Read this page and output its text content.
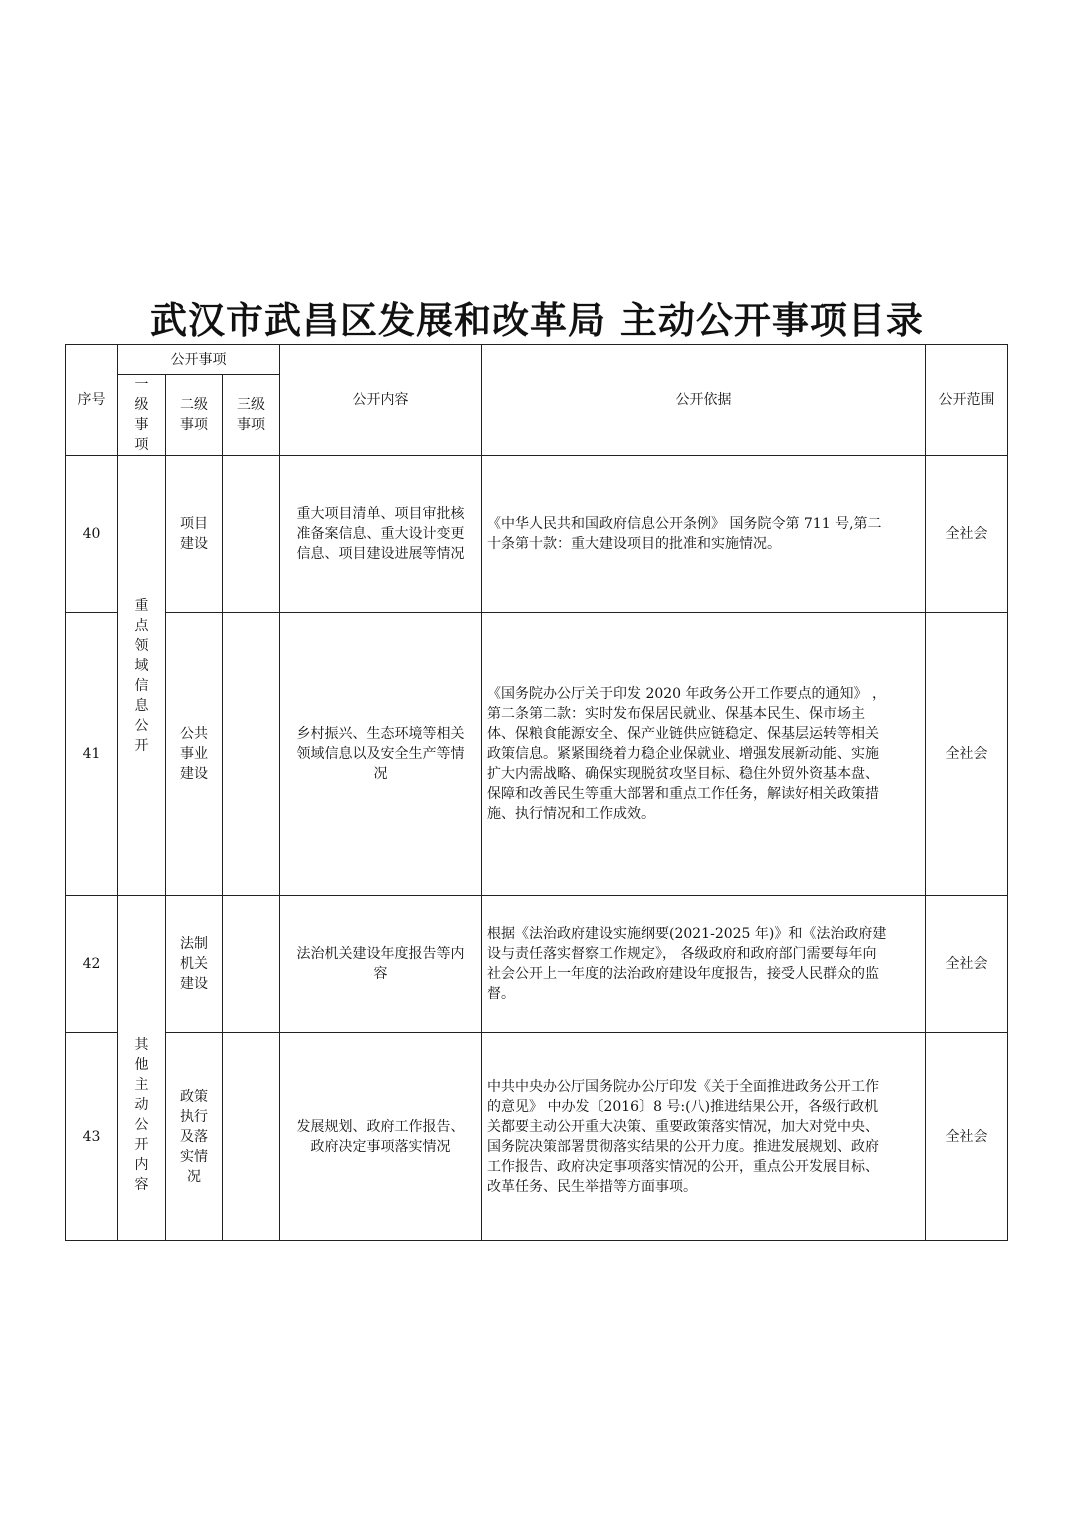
武汉市武昌区发展和改革局 主动公开事项目录
序号	公开事项			公开内容	公开依据	公开范围
	一级事项	二级事项	三级事项			
40	重点领域信息公开	项目建设		重大项目清单、项目审批核准备案信息、重大设计变更信息、项目建设进展等情况	《中华人民共和国政府信息公开条例》 国务院令第 711 号,第二十条第十款：重大建设项目的批准和实施情况。	全社会
41		公共事业建设		乡村振兴、生态环境等相关领域信息以及安全生产等情况	《国务院办公厅关于印发 2020 年政务公开工作要点的通知》 ，第二条第二款：实时发布保居民就业、保基本民生、保市场主体、保粮食能源安全、保产业链供应链稳定、保基层运转等相关政策信息。紧紧围绕着力稳企业保就业、增强发展新动能、实施扩大内需战略、确保实现脱贫攻坚目标、稳住外贸外资基本盘、保障和改善民生等重大部署和重点工作任务，解读好相关政策措施、执行情况和工作成效。	全社会
42	其他主动公开内容	法制机关建设		法治机关建设年度报告等内容	根据《法治政府建设实施纲要(2021-2025 年)》和《法治政府建设与责任落实督察工作规定》， 各级政府和政府部门需要每年向社会公开上一年度的法治政府建设年度报告，接受人民群众的监督。	全社会
43		政策执行及落实情况		发展规划、政府工作报告、政府决定事项落实情况	中共中央办公厅国务院办公厅印发《关于全面推进政务公开工作的意见》 中办发〔2016〕8 号:(八)推进结果公开，各级行政机关都要主动公开重大决策、重要政策落实情况，加大对党中央、国务院决策部署贯彻落实结果的公开力度。推进发展规划、政府工作报告、政府决定事项落实情况的公开，重点公开发展目标、改革任务、民生举措等方面事项。	全社会
